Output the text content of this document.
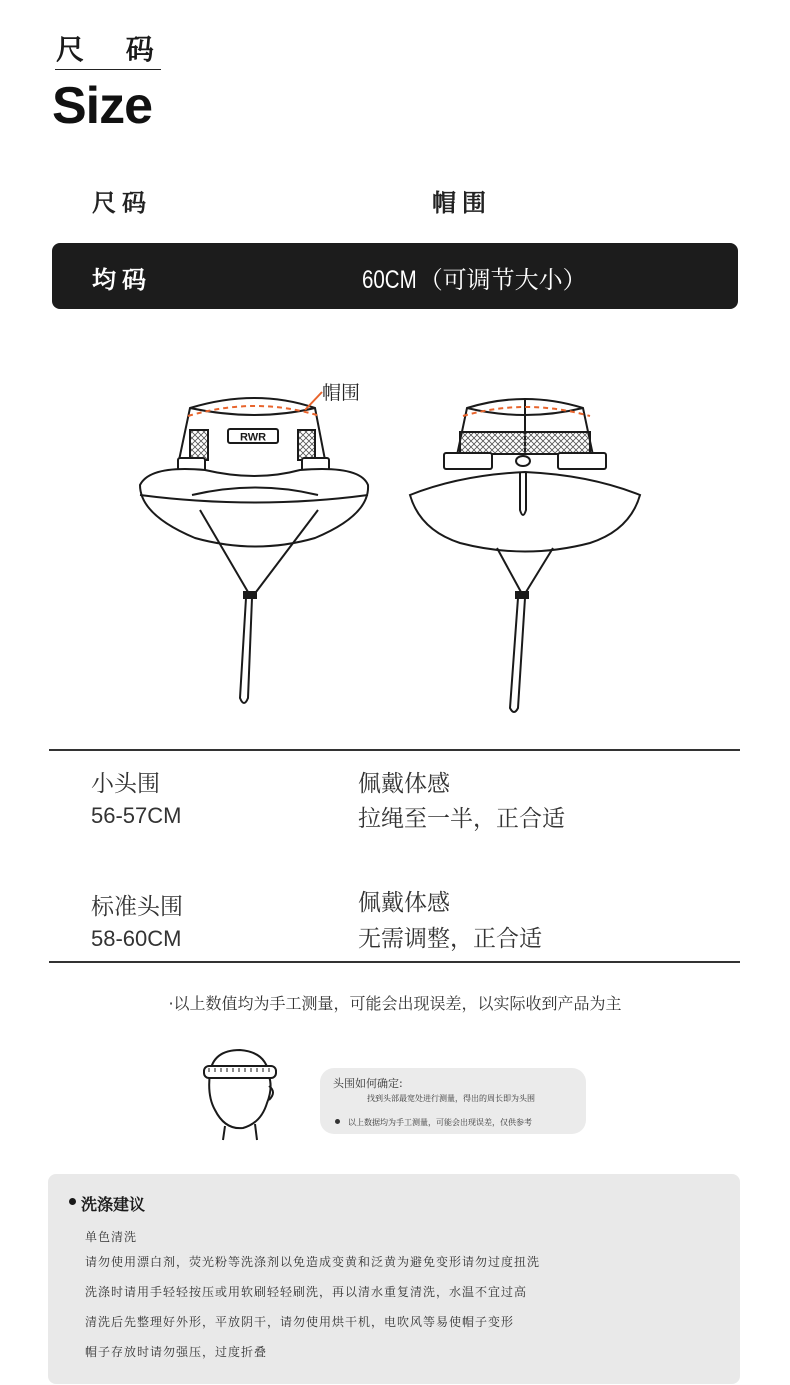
尺 码
Size
尺码	帽围
均码	60CM（可调节大小）
RWR
帽围
小头围
56-57CM
佩戴体感
拉绳至一半，正合适
标准头围
58-60CM
佩戴体感
无需调整，正合适
·以上数值均为手工测量，可能会出现误差，以实际收到产品为主
头围如何确定:
找到头部最宽处进行测量，得出的周长即为头围
以上数据均为手工测量，可能会出现误差，仅供参考
洗涤建议
单色清洗
请勿使用漂白剂，荧光粉等洗涤剂以免造成变黄和泛黄为避免变形请勿过度扭洗
洗涤时请用手轻轻按压或用软刷轻轻刷洗，再以清水重复清洗，水温不宜过高
清洗后先整理好外形，平放阴干，请勿使用烘干机，电吹风等易使帽子变形
帽子存放时请勿强压，过度折叠
